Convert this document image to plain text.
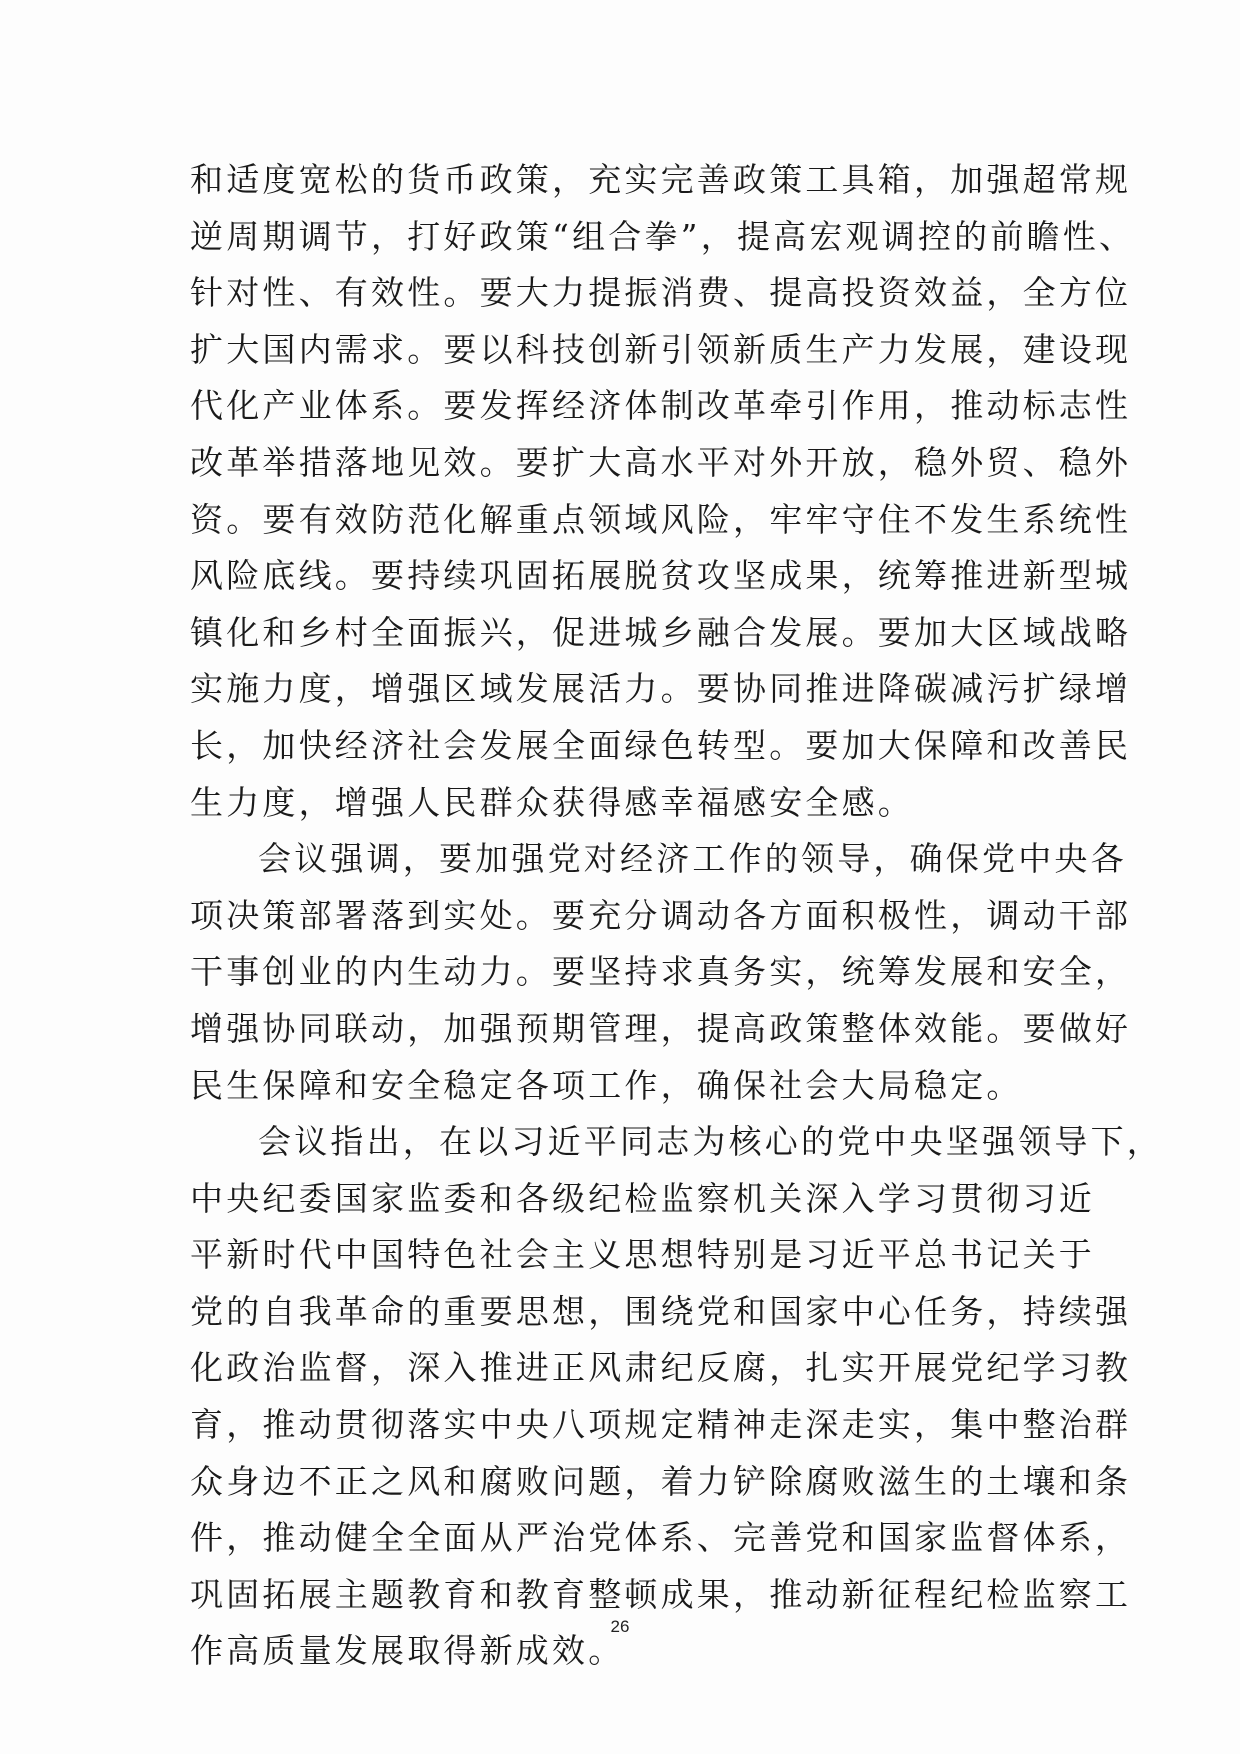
和适度宽松的货币政策，充实完善政策工具箱，加强超常规
逆周期调节，打好政策“组合拳”，提高宏观调控的前瞻性、
针对性、有效性。要大力提振消费、提高投资效益，全方位
扩大国内需求。要以科技创新引领新质生产力发展，建设现
代化产业体系。要发挥经济体制改革牵引作用，推动标志性
改革举措落地见效。要扩大高水平对外开放，稳外贸、稳外
资。要有效防范化解重点领域风险，牢牢守住不发生系统性
风险底线。要持续巩固拓展脱贫攻坚成果，统筹推进新型城
镇化和乡村全面振兴，促进城乡融合发展。要加大区域战略
实施力度，增强区域发展活力。要协同推进降碳减污扩绿增
长，加快经济社会发展全面绿色转型。要加大保障和改善民
生力度，增强人民群众获得感幸福感安全感。
会议强调，要加强党对经济工作的领导，确保党中央各
项决策部署落到实处。要充分调动各方面积极性，调动干部
干事创业的内生动力。要坚持求真务实，统筹发展和安全，
增强协同联动，加强预期管理，提高政策整体效能。要做好
民生保障和安全稳定各项工作，确保社会大局稳定。
会议指出，在以习近平同志为核心的党中央坚强领导下，
中央纪委国家监委和各级纪检监察机关深入学习贯彻习近
平新时代中国特色社会主义思想特别是习近平总书记关于
党的自我革命的重要思想，围绕党和国家中心任务，持续强
化政治监督，深入推进正风肃纪反腐，扎实开展党纪学习教
育，推动贯彻落实中央八项规定精神走深走实，集中整治群
众身边不正之风和腐败问题，着力铲除腐败滋生的土壤和条
件，推动健全全面从严治党体系、完善党和国家监督体系，
巩固拓展主题教育和教育整顿成果，推动新征程纪检监察工
作高质量发展取得新成效。
26
